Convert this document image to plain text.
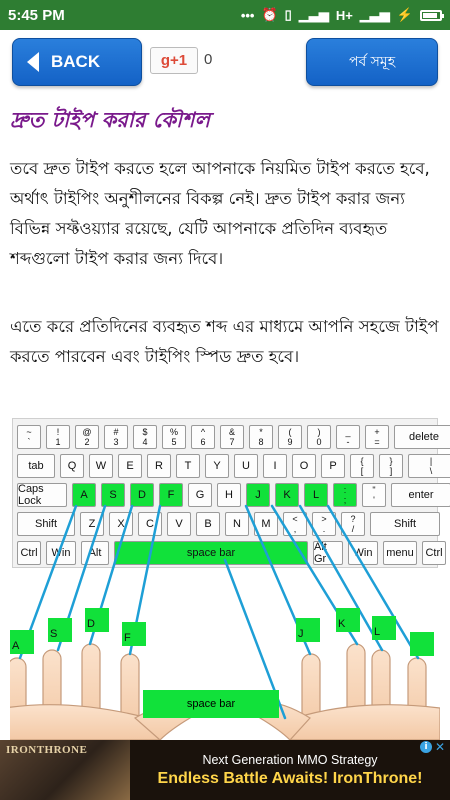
5:45 PM	••• ⏰ ▯ ▁▃▅ H+ ▁▃▅ ⚡
BACK	g+1	0	পর্ব সমূহ
দ্রুত টাইপ করার কৌশল

তবে দ্রুত টাইপ করতে হলে আপনাকে নিয়মিত টাইপ করতে হবে, অর্থাৎ টাইপিং অনুশীলনের বিকল্প নেই। দ্রুত টাইপ করার জন্য বিভিন্ন সফ্টওয়্যার রয়েছে, যেটি আপনাকে প্রতিদিন ব্যবহৃত শব্দগুলো টাইপ করার জন্য দিবে।

এতে করে প্রতিদিনের ব্যবহৃত শব্দ এর মাধ্যমে আপনি সহজে টাইপ করতে পারবেন এবং টাইপিং স্পিড দ্রুত হবে।

~
`
!
1
@
2
#
3
$
4
%
5
^
6
&
7
*
8
(
9
)
0
_
-
+
=	delete
tab	Q	W	E	R	T	Y	U	I	O	P	{
[
}
]
|
\
Caps Lock	A	S	D	F	G	H	J	K	L	:
;
"
'	enter
Shift	Z	X	C	V	B	N	M	<
,
>
.
?
/	Shift
Ctrl	Win	Alt	space bar	Alt Gr	Win	menu	Ctrl
A
S
D
F	J
K
L
space bar
IRONTHRONE
Next Generation MMO Strategy
Endless Battle Awaits! IronThrone!
i ✕
